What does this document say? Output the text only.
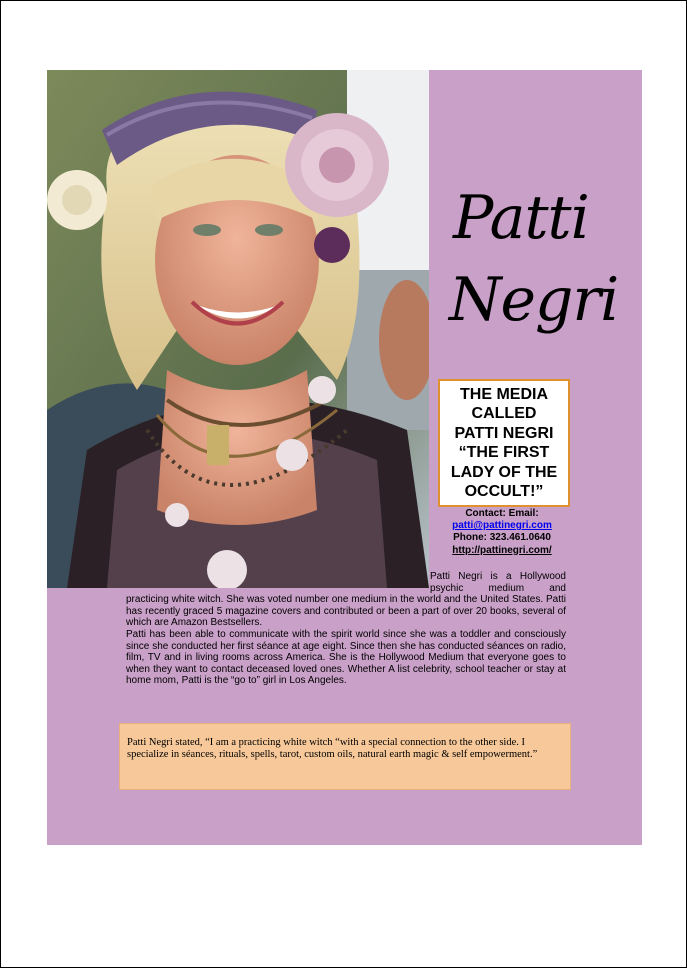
Patti
Negri
THE MEDIA
CALLED
PATTI NEGRI
“THE FIRST
LADY OF THE
OCCULT!”
Contact: Email:
patti@pattinegri.com
Phone: 323.461.0640
http://pattinegri.com/

Patti Negri is a Hollywood psychic medium and practicing white witch. She was voted number one medium in the world and the United States. Patti has recently graced 5 magazine covers and contributed or been a part of over 20 books, several of which are Amazon Bestsellers.

Patti has been able to communicate with the spirit world since she was a toddler and consciously since she conducted her first séance at age eight. Since then she has conducted séances on radio, film, TV and in living rooms across America. She is the Hollywood Medium that everyone goes to when they want to contact deceased loved ones. Whether A list celebrity, school teacher or stay at home mom, Patti is the “go to” girl in Los Angeles.

Patti Negri stated, “I am a practicing white witch “with a special connection to the other side. I specialize in séances, rituals, spells, tarot, custom oils, natural earth magic & self empowerment.”
